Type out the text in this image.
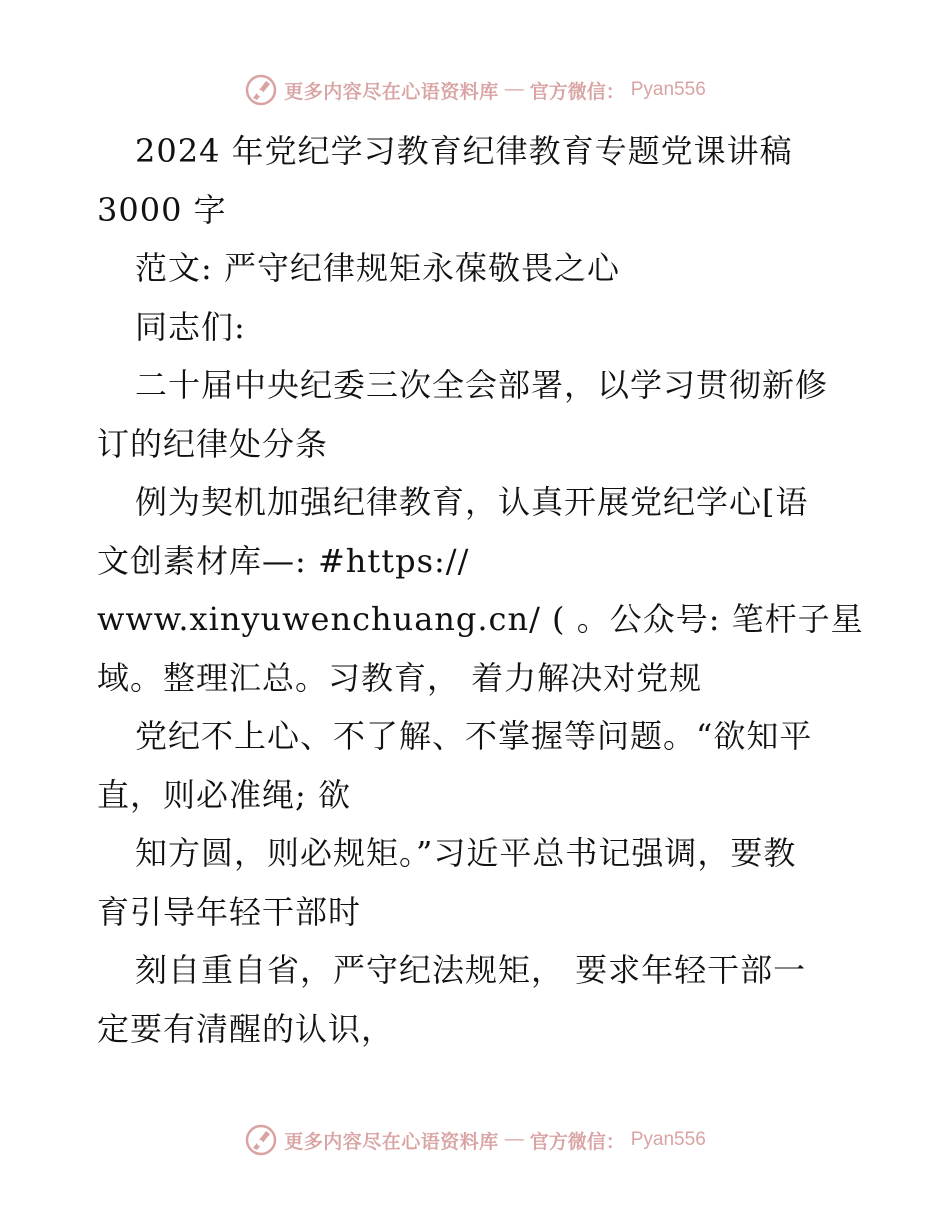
更多内容尽在心语资料库 — 官方微信： Pyan556
2024 年党纪学习教育纪律教育专题党课讲稿
3000 字
范文: 严守纪律规矩永葆敬畏之心
同志们:
二十届中央纪委三次全会部署，以学习贯彻新修
订的纪律处分条
例为契机加强纪律教育，认真开展党纪学心[语
文创素材库—: #https://
www.xinyuwenchuang.cn/ ( 。公众号: 笔杆子星
域。整理汇总。习教育， 着力解决对党规
党纪不上心、不了解、不掌握等问题。“欲知平
直，则必准绳; 欲
知方圆，则必规矩。”习近平总书记强调，要教
育引导年轻干部时
刻自重自省，严守纪法规矩， 要求年轻干部一
定要有清醒的认识，
更多内容尽在心语资料库 — 官方微信： Pyan556
